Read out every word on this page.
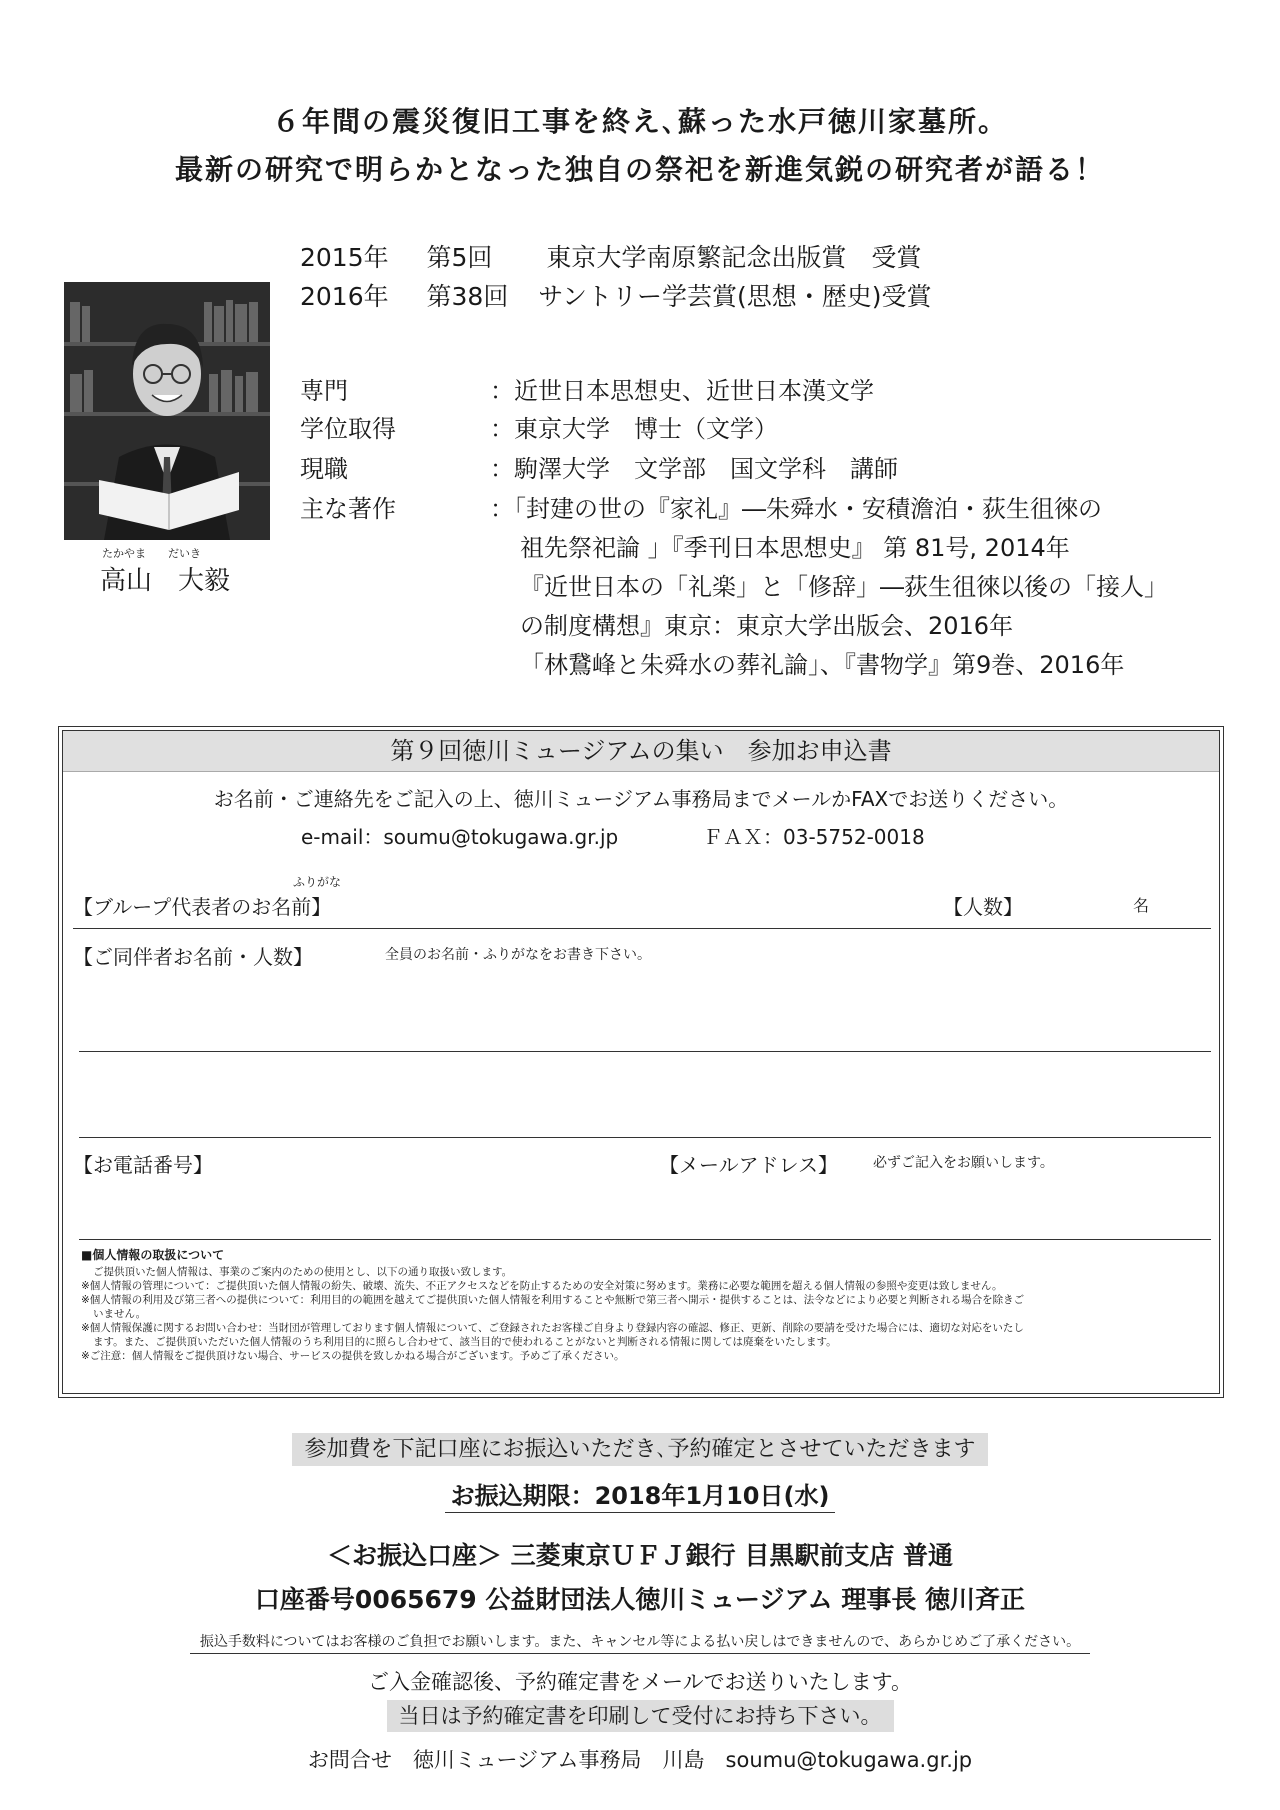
６年間の震災復旧工事を終え､蘇った水戸徳川家墓所。
最新の研究で明らかとなった独自の祭祀を新進気鋭の研究者が語る！
2015年 第5回 東京大学南原繁記念出版賞　受賞
2016年 第38回 サントリー学芸賞(思想・歴史)受賞
たかやま だいき
高山 大毅
専門	：近世日本思想史、近世日本漢文学
学位取得	：東京大学　博士（文学）
現職	：駒澤大学　文学部　国文学科　講師
主な著作	：「封建の世の『家礼』―朱舜水・安積澹泊・荻生徂徠の
祖先祭祀論 」『季刊日本思想史』 第 81号, 2014年
『近世日本の「礼楽」と「修辞」―荻生徂徠以後の「接人」
の制度構想』東京：東京大学出版会、2016年
「林鵞峰と朱舜水の葬礼論」、『書物学』第9巻、2016年
第９回徳川ミュージアムの集い　参加お申込書
お名前・ご連絡先をご記入の上、徳川ミュージアム事務局までメールかFAXでお送りください。
e-mail：soumu@tokugawa.gr.jp	ＦＡＸ：03-5752-0018
ふりがな
【ブループ代表者のお名前】	【人数】	名
【ご同伴者お名前・人数】	全員のお名前・ふりがなをお書き下さい。
【お電話番号】	【メールアドレス】	必ずご記入をお願いします。
■個人情報の取扱について
ご提供頂いた個人情報は、事業のご案内のための使用とし、以下の通り取扱い致します。
※個人情報の管理について：ご提供頂いた個人情報の紛失、破壊、流失、不正アクセスなどを防止するための安全対策に努めます。業務に必要な範囲を超える個人情報の参照や変更は致しません。
※個人情報の利用及び第三者への提供について：利用目的の範囲を越えてご提供頂いた個人情報を利用することや無断で第三者へ開示・提供することは、法令などにより必要と判断される場合を除きご
いません。
※個人情報保護に関するお問い合わせ：当財団が管理しております個人情報について、ご登録されたお客様ご自身より登録内容の確認、修正、更新、削除の要請を受けた場合には、適切な対応をいたし
ます。また、ご提供頂いただいた個人情報のうち利用目的に照らし合わせて、該当目的で使われることがないと判断される情報に関しては廃棄をいたします。
※ご注意：個人情報をご提供頂けない場合、サービスの提供を致しかねる場合がございます。予めご了承ください。
参加費を下記口座にお振込いただき､予約確定とさせていただきます
お振込期限：2018年1月10日(水)
＜お振込口座＞ 三菱東京ＵＦＪ銀行 目黒駅前支店 普通
口座番号0065679 公益財団法人徳川ミュージアム 理事長 徳川斉正
振込手数料についてはお客様のご負担でお願いします。また、キャンセル等による払い戻しはできませんので、あらかじめご了承ください。
ご入金確認後、予約確定書をメールでお送りいたします。
当日は予約確定書を印刷して受付にお持ち下さい。
お問合せ　徳川ミュージアム事務局　川島　soumu@tokugawa.gr.jp
